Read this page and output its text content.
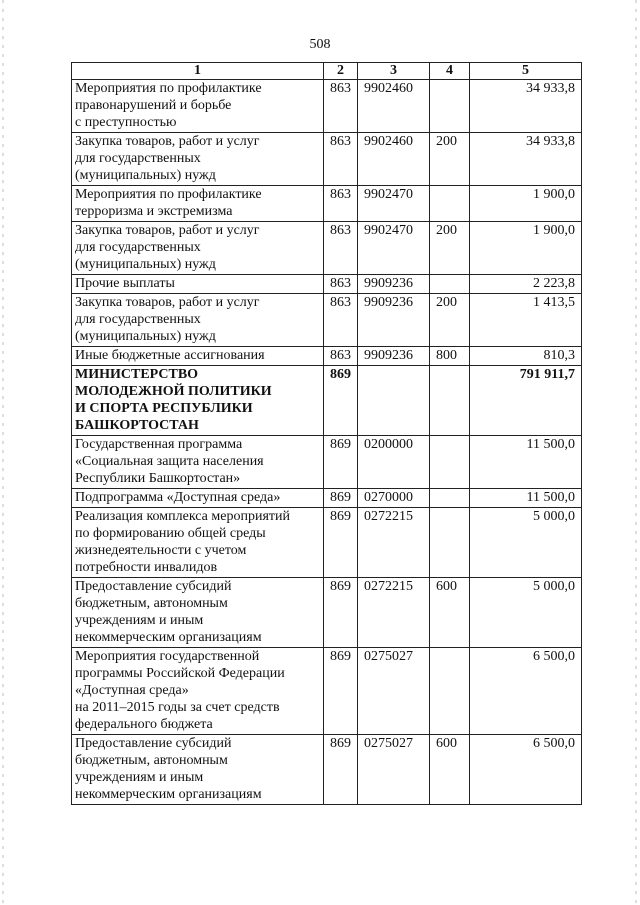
508
1	2	3	4	5

Мероприятия по профилактике
правонарушений и борьбе
с преступностью	863	9902460		34 933,8

Закупка товаров, работ и услуг
для государственных
(муниципальных) нужд	863	9902460	200	34 933,8

Мероприятия по профилактике
терроризма и экстремизма	863	9902470		1 900,0

Закупка товаров, работ и услуг
для государственных
(муниципальных) нужд	863	9902470	200	1 900,0

Прочие выплаты	863	9909236		2 223,8

Закупка товаров, работ и услуг
для государственных
(муниципальных) нужд	863	9909236	200	1 413,5

Иные бюджетные ассигнования	863	9909236	800	810,3

МИНИСТЕРСТВО
МОЛОДЕЖНОЙ ПОЛИТИКИ
И СПОРТА РЕСПУБЛИКИ
БАШКОРТОСТАН	869			791 911,7

Государственная программа
«Социальная защита населения
Республики Башкортостан»	869	0200000		11 500,0

Подпрограмма «Доступная среда»	869	0270000		11 500,0

Реализация комплекса мероприятий
по формированию общей среды
жизнедеятельности с учетом
потребности инвалидов	869	0272215		5 000,0

Предоставление субсидий
бюджетным, автономным
учреждениям и иным
некоммерческим организациям	869	0272215	600	5 000,0

Мероприятия государственной
программы Российской Федерации
«Доступная среда»
на 2011–2015 годы за счет средств
федерального бюджета	869	0275027		6 500,0

Предоставление субсидий
бюджетным, автономным
учреждениям и иным
некоммерческим организациям	869	0275027	600	6 500,0
